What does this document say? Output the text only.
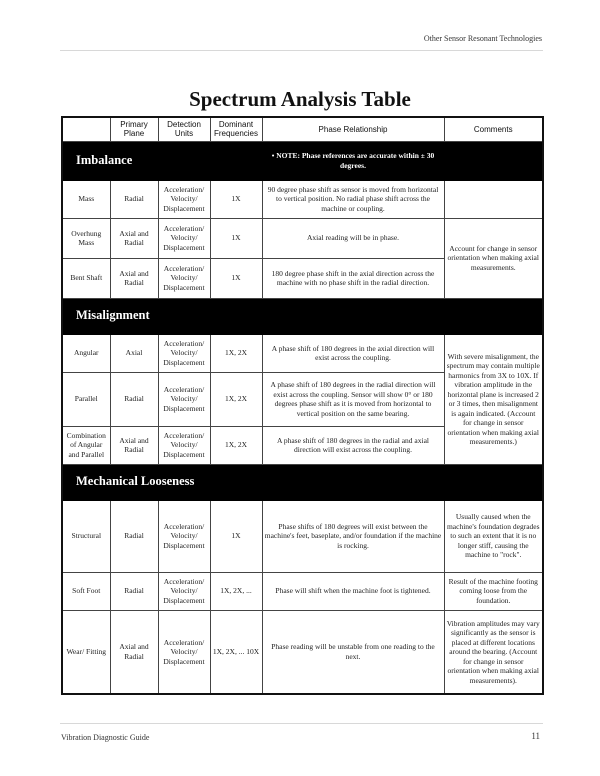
Other Sensor Resonant Technologies
Spectrum Analysis Table
	Primary Plane	Detection Units	Dominant Frequencies	Phase Relationship	Comments
Imbalance				• NOTE: Phase references are accurate within ± 30 degrees.	
Mass	Radial	Acceleration/ Velocity/ Displacement	1X	90 degree phase shift as sensor is moved from horizontal to vertical position. No radial phase shift across the machine or coupling.	
Overhung Mass	Axial and Radial	Acceleration/ Velocity/ Displacement	1X	Axial reading will be in phase.	Account for change in sensor orientation when making axial measurements.
Bent Shaft	Axial and Radial	Acceleration/ Velocity/ Displacement	1X	180 degree phase shift in the axial direction across the machine with no phase shift in the radial direction.	
Misalignment					
Angular	Axial	Acceleration/ Velocity/ Displacement	1X, 2X	A phase shift of 180 degrees in the axial direction will exist across the coupling.	With severe misalignment, the spectrum may contain multiple harmonics from 3X to 10X. If vibration amplitude in the horizontal plane is increased 2 or 3 times, then misalignment is again indicated. (Account for change in sensor orientation when making axial measurements.)
Parallel	Radial	Acceleration/ Velocity/ Displacement	1X, 2X	A phase shift of 180 degrees in the radial direction will exist across the coupling. Sensor will show 0° or 180 degrees phase shift as it is moved from horizontal to vertical position on the same bearing.	
Combination of Angular and Parallel	Axial and Radial	Acceleration/ Velocity/ Displacement	1X, 2X	A phase shift of 180 degrees in the radial and axial direction will exist across the coupling.	
Mechanical Looseness					
Structural	Radial	Acceleration/ Velocity/ Displacement	1X	Phase shifts of 180 degrees will exist between the machine's feet, baseplate, and/or foundation if the machine is rocking.	Usually caused when the machine's foundation degrades to such an extent that it is no longer stiff, causing the machine to "rock".
Soft Foot	Radial	Acceleration/ Velocity/ Displacement	1X, 2X, ...	Phase will shift when the machine foot is tightened.	Result of the machine footing coming loose from the foundation.
Wear/ Fitting	Axial and Radial	Acceleration/ Velocity/ Displacement	1X, 2X, ... 10X	Phase reading will be unstable from one reading to the next.	Vibration amplitudes may vary significantly as the sensor is placed at different locations around the bearing. (Account for change in sensor orientation when making axial measurements).
Vibration Diagnostic Guide	11
